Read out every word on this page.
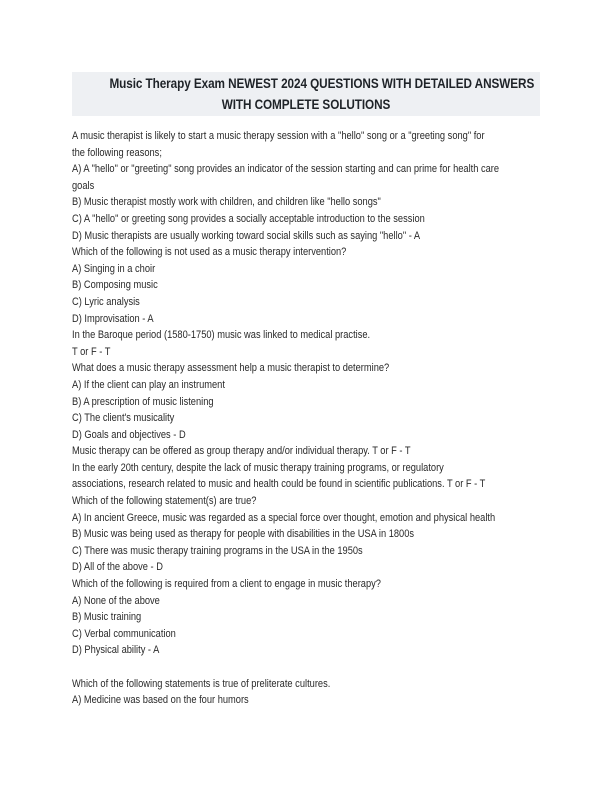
Music Therapy Exam NEWEST 2024 QUESTIONS WITH DETAILED ANSWERS
WITH COMPLETE SOLUTIONS
A music therapist is likely to start a music therapy session with a "hello" song or a "greeting song" for
the following reasons;
A) A "hello" or "greeting" song provides an indicator of the session starting and can prime for health care
goals
B) Music therapist mostly work with children, and children like "hello songs"
C) A "hello" or greeting song provides a socially acceptable introduction to the session
D) Music therapists are usually working toward social skills such as saying "hello" - A
Which of the following is not used as a music therapy intervention?
A) Singing in a choir
B) Composing music
C) Lyric analysis
D) Improvisation - A
In the Baroque period (1580-1750) music was linked to medical practise.
T or F - T
What does a music therapy assessment help a music therapist to determine?
A) If the client can play an instrument
B) A prescription of music listening
C) The client's musicality
D) Goals and objectives - D
Music therapy can be offered as group therapy and/or individual therapy. T or F - T
In the early 20th century, despite the lack of music therapy training programs, or regulatory
associations, research related to music and health could be found in scientific publications. T or F - T
Which of the following statement(s) are true?
A) In ancient Greece, music was regarded as a special force over thought, emotion and physical health
B) Music was being used as therapy for people with disabilities in the USA in 1800s
C) There was music therapy training programs in the USA in the 1950s
D) All of the above - D
Which of the following is required from a client to engage in music therapy?
A) None of the above
B) Music training
C) Verbal communication
D) Physical ability - A
Which of the following statements is true of preliterate cultures.
A) Medicine was based on the four humors
